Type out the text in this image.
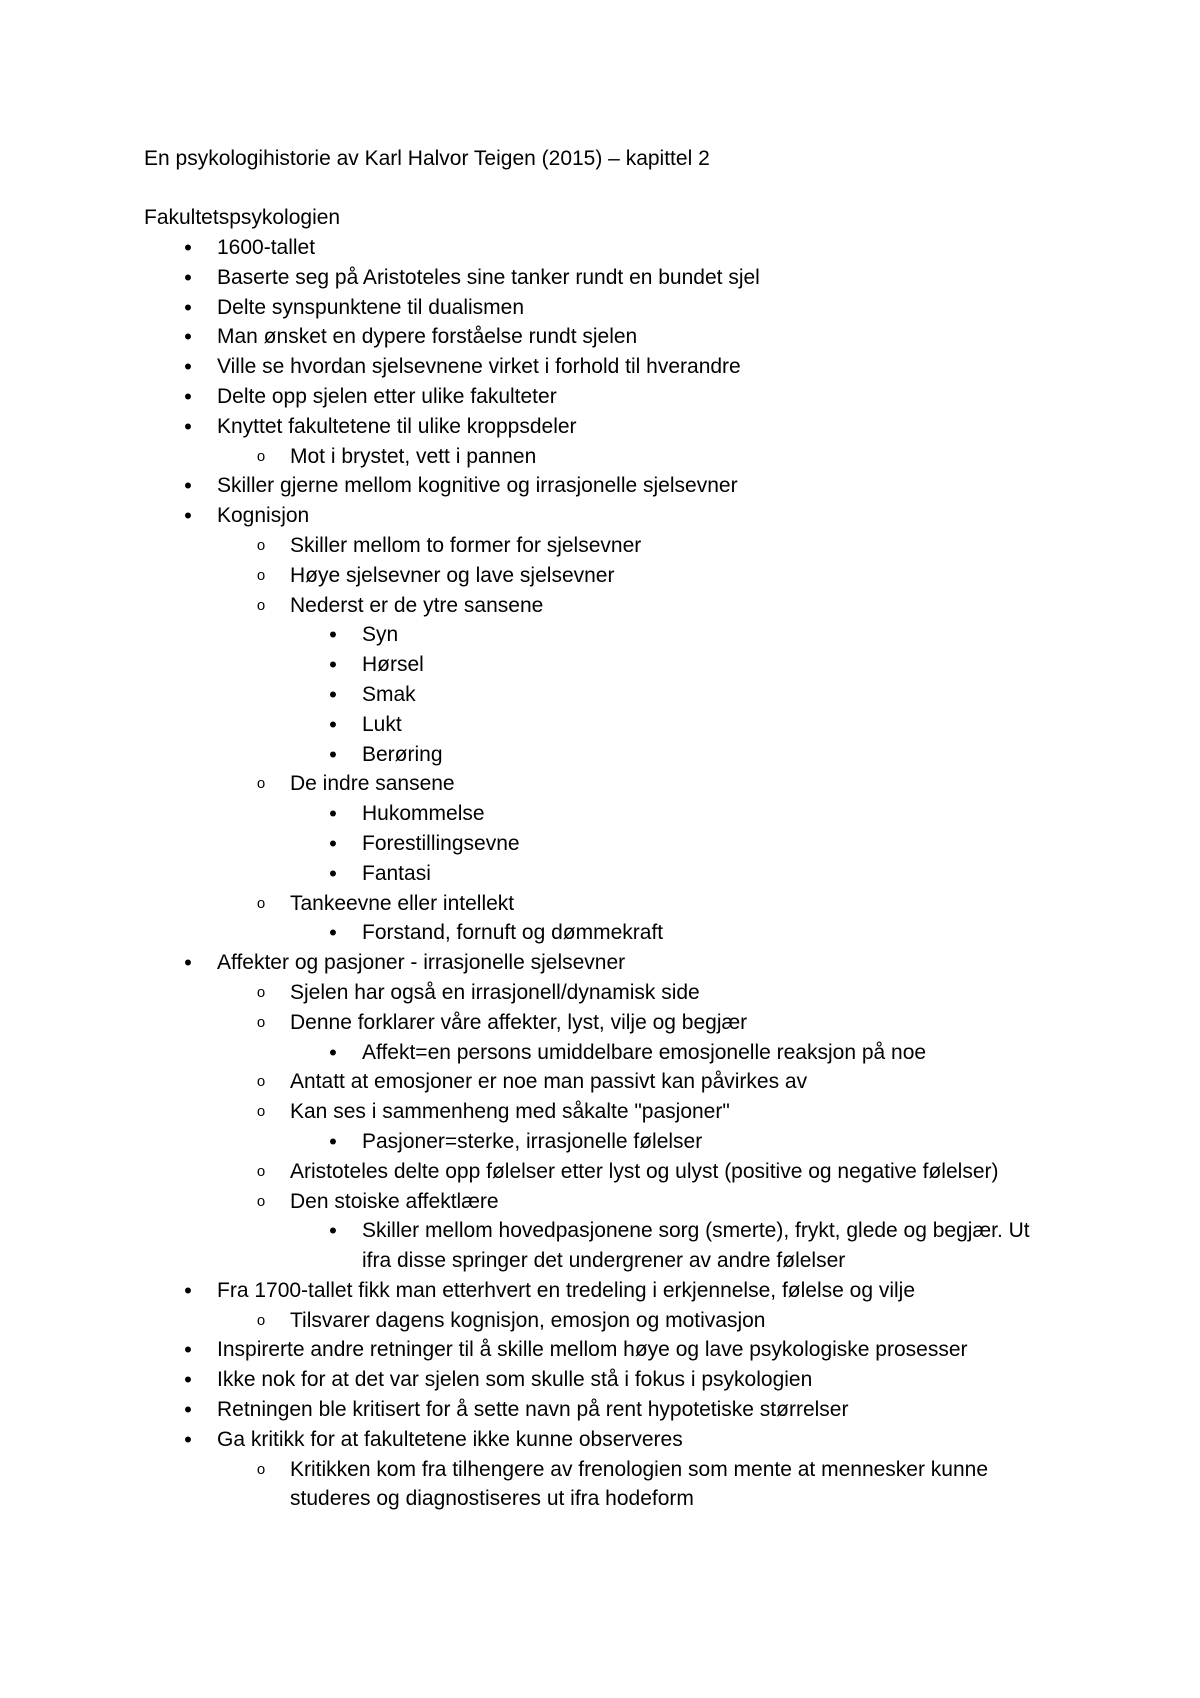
En psykologihistorie av Karl Halvor Teigen (2015) – kapittel 2
Fakultetspsykologien
• 1600-tallet
• Baserte seg på Aristoteles sine tanker rundt en bundet sjel
• Delte synspunktene til dualismen
• Man ønsket en dypere forståelse rundt sjelen
• Ville se hvordan sjelsevnene virket i forhold til hverandre
• Delte opp sjelen etter ulike fakulteter
• Knyttet fakultetene til ulike kroppsdeler
o Mot i brystet, vett i pannen
• Skiller gjerne mellom kognitive og irrasjonelle sjelsevner
• Kognisjon
o Skiller mellom to former for sjelsevner
o Høye sjelsevner og lave sjelsevner
o Nederst er de ytre sansene
• Syn
• Hørsel
• Smak
• Lukt
• Berøring
o De indre sansene
• Hukommelse
• Forestillingsevne
• Fantasi
o Tankeevne eller intellekt
• Forstand, fornuft og dømmekraft
• Affekter og pasjoner - irrasjonelle sjelsevner
o Sjelen har også en irrasjonell/dynamisk side
o Denne forklarer våre affekter, lyst, vilje og begjær
• Affekt=en persons umiddelbare emosjonelle reaksjon på noe
o Antatt at emosjoner er noe man passivt kan påvirkes av
o Kan ses i sammenheng med såkalte "pasjoner"
• Pasjoner=sterke, irrasjonelle følelser
o Aristoteles delte opp følelser etter lyst og ulyst (positive og negative følelser)
o Den stoiske affektlære
• Skiller mellom hovedpasjonene sorg (smerte), frykt, glede og begjær. Ut ifra disse springer det undergrener av andre følelser
• Fra 1700-tallet fikk man etterhvert en tredeling i erkjennelse, følelse og vilje
o Tilsvarer dagens kognisjon, emosjon og motivasjon
• Inspirerte andre retninger til å skille mellom høye og lave psykologiske prosesser
• Ikke nok for at det var sjelen som skulle stå i fokus i psykologien
• Retningen ble kritisert for å sette navn på rent hypotetiske størrelser
• Ga kritikk for at fakultetene ikke kunne observeres
o Kritikken kom fra tilhengere av frenologien som mente at mennesker kunne studeres og diagnostiseres ut ifra hodeform
